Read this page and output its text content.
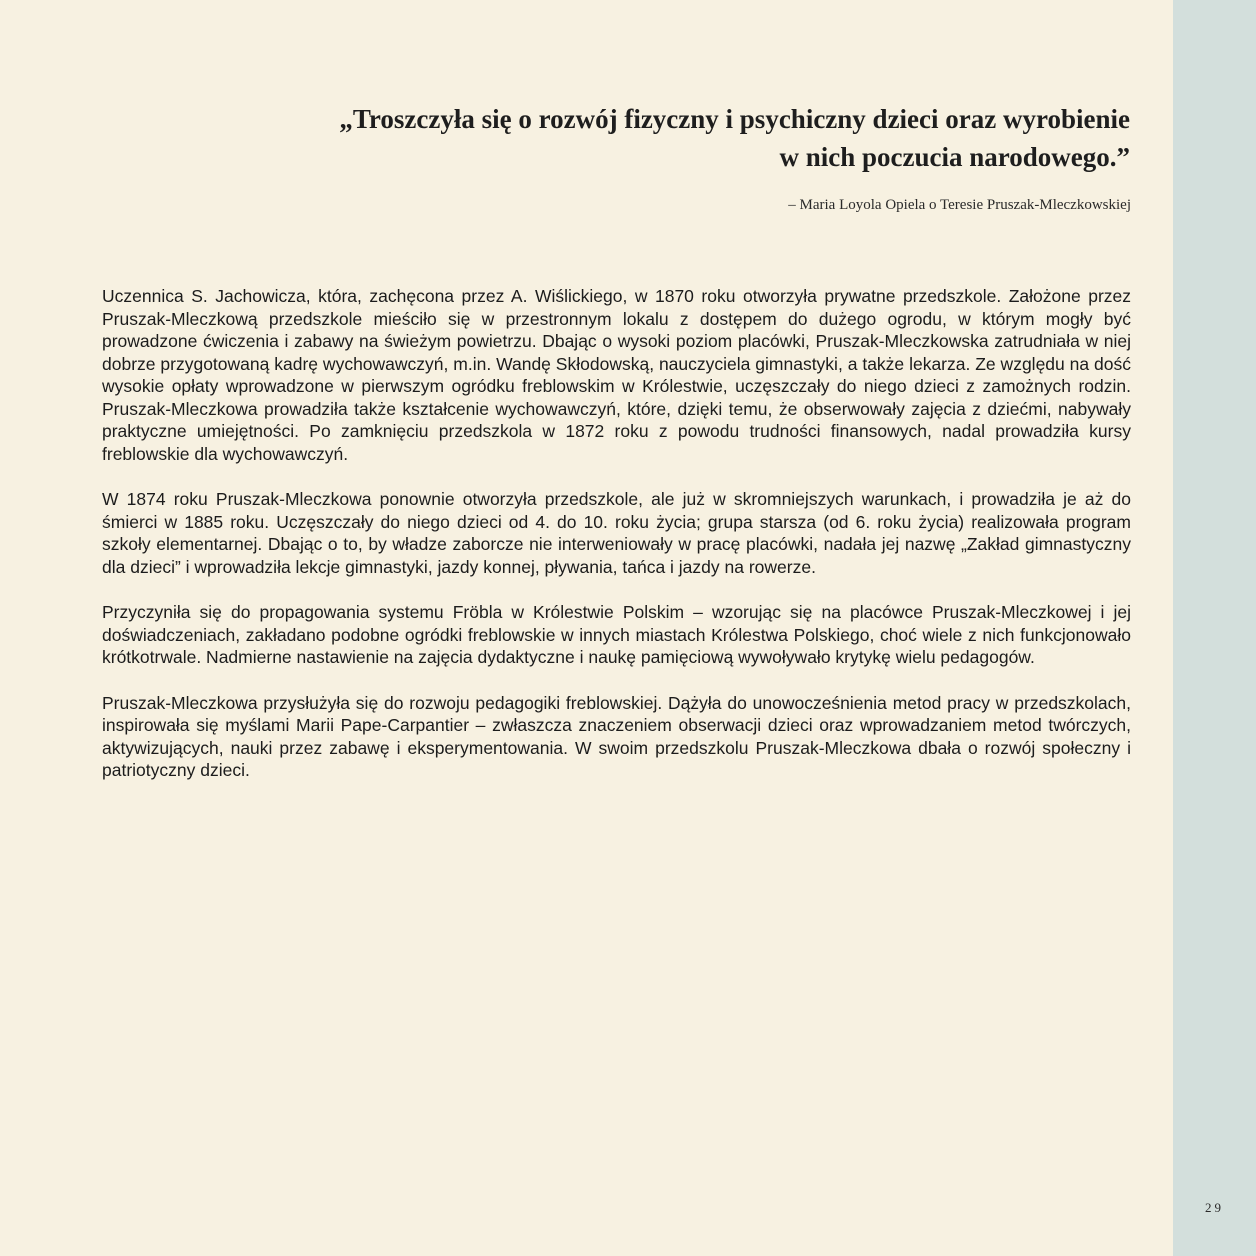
„Troszczyła się o rozwój fizyczny i psychiczny dzieci oraz wyrobienie
w nich poczucia narodowego.”
– Maria Loyola Opiela o Teresie Pruszak-Mleczkowskiej

Uczennica S. Jachowicza, która, zachęcona przez A. Wiślickiego, w 1870 roku otworzyła prywatne przedszkole. Założone przez Pruszak-Mleczkową przedszkole mieściło się w przestronnym lokalu z dostępem do dużego ogrodu, w którym mogły być prowadzone ćwiczenia i zabawy na świeżym powietrzu. Dbając o wysoki poziom placówki, Pruszak-Mleczkowska zatrudniała w niej dobrze przygotowaną kadrę wychowawczyń, m.in. Wandę Skłodowską, nauczyciela gimnastyki, a także lekarza. Ze względu na dość wysokie opłaty wprowadzone w pierwszym ogródku freblowskim w Królestwie, uczęszczały do niego dzieci z zamożnych rodzin. Pruszak-Mleczkowa prowadziła także kształcenie wychowawczyń, które, dzięki temu, że obserwowały zajęcia z dziećmi, nabywały praktyczne umiejętności. Po zamknięciu przedszkola w 1872 roku z powodu trudności finansowych, nadal prowadziła kursy freblowskie dla wychowawczyń.

W 1874 roku Pruszak-Mleczkowa ponownie otworzyła przedszkole, ale już w skromniejszych warunkach, i prowadziła je aż do śmierci w 1885 roku. Uczęszczały do niego dzieci od 4. do 10. roku życia; grupa starsza (od 6. roku życia) realizowała program szkoły elementarnej. Dbając o to, by władze zaborcze nie interweniowały w pracę placówki, nadała jej nazwę „Zakład gimnastyczny dla dzieci” i wprowadziła lekcje gimnastyki, jazdy konnej, pływania, tańca i jazdy na rowerze.

Przyczyniła się do propagowania systemu Fröbla w Królestwie Polskim – wzorując się na placówce Pruszak-Mleczkowej i jej doświadczeniach, zakładano podobne ogródki freblowskie w innych miastach Królestwa Polskiego, choć wiele z nich funkcjonowało krótkotrwale. Nadmierne nastawienie na zajęcia dydaktyczne i naukę pamięciową wywoływało krytykę wielu pedagogów.

Pruszak-Mleczkowa przysłużyła się do rozwoju pedagogiki freblowskiej. Dążyła do unowocześnienia metod pracy w przedszkolach, inspirowała się myślami Marii Pape-Carpantier – zwłaszcza znaczeniem obserwacji dzieci oraz wprowadzaniem metod twórczych, aktywizujących, nauki przez zabawę i eksperymentowania. W swoim przedszkolu Pruszak-Mleczkowa dbała o rozwój społeczny i patriotyczny dzieci.

29
